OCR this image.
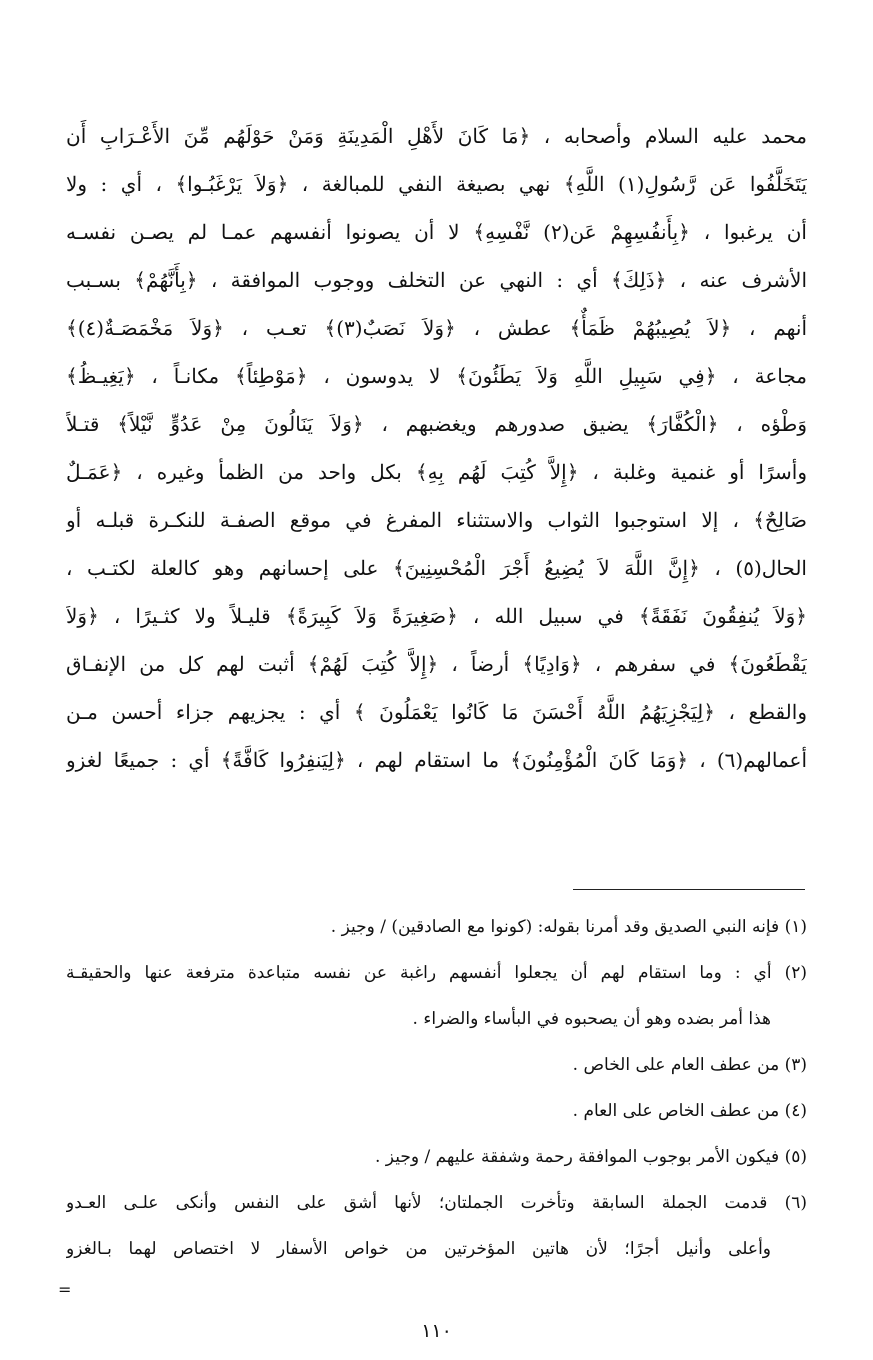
محمد عليه السلام وأصحابه ، ﴿مَا كَانَ لأَهْلِ الْمَدِينَةِ وَمَنْ حَوْلَهُم مِّنَ الأَعْـرَابِ أَن
يَتَخَلَّفُوا عَن رَّسُولِ(١) اللَّهِ﴾ نهي بصيغة النفي للمبالغة ، ﴿وَلاَ يَرْغَبُـوا﴾ ، أي : ولا
أن يرغبوا ، ﴿بِأَنفُسِهِمْ عَن(٢) نَّفْسِهِ﴾ لا أن يصونوا أنفسهم عمـا لم يصـن نفسـه
الأشرف عنه ، ﴿ذَلِكَ﴾ أي : النهي عن التخلف ووجوب الموافقة ، ﴿بِأَنَّهُمْ﴾ بسـبب
أنهم ، ﴿لاَ يُصِيبُهُمْ ظَمَأٌ﴾ عطش ، ﴿وَلاَ نَصَبٌ(٣)﴾ تعـب ، ﴿وَلاَ مَخْمَصَـةٌ(٤)﴾
مجاعة ، ﴿فِي سَبِيلِ اللَّهِ وَلاَ يَطَئُونَ﴾ لا يدوسون ، ﴿مَوْطِئاً﴾ مكانـاً ، ﴿يَغِيـظُ﴾
وَطْؤه ، ﴿الْكُفَّارَ﴾ يضيق صدورهم ويغضبهم ، ﴿وَلاَ يَنَالُونَ مِنْ عَدُوٍّ نَّيْلاً﴾ قتـلاً
وأسرًا أو غنمية وغلبة ، ﴿إِلاَّ كُتِبَ لَهُم بِهِ﴾ بكل واحد من الظمأ وغيره ، ﴿عَمَـلٌ
صَالِحٌ﴾ ، إلا استوجبوا الثواب والاستثناء المفرغ في موقع الصفـة للنكـرة قبلـه أو
الحال(٥) ، ﴿إِنَّ اللَّهَ لاَ يُضِيعُ أَجْرَ الْمُحْسِنِينَ﴾ على إحسانهم وهو كالعلة لكتـب ،
﴿وَلاَ يُنفِقُونَ نَفَقَةً﴾ في سبيل الله ، ﴿صَغِيرَةً وَلاَ كَبِيرَةً﴾ قليـلاً ولا كثـيرًا ، ﴿وَلاَ
يَقْطَعُونَ﴾ في سفرهم ، ﴿وَادِيًا﴾ أرضاً ، ﴿إِلاَّ كُتِبَ لَهُمْ﴾ أثبت لهم كل من الإنفـاق
والقطع ، ﴿لِيَجْزِيَهُمُ اللَّهُ أَحْسَنَ مَا كَانُوا يَعْمَلُونَ ﴾ أي : يجزيهم جزاء أحسن مـن
أعمالهم(٦) ، ﴿وَمَا كَانَ الْمُؤْمِنُونَ﴾ ما استقام لهم ، ﴿لِيَنفِرُوا كَافَّةً﴾ أي : جميعًا لغزو
(١) فإنه النبي الصديق وقد أمرنا بقوله: (كونوا مع الصادقين) / وجيز .
(٢) أي : وما استقام لهم أن يجعلوا أنفسهم راغبة عن نفسه متباعدة مترفعة عنها والحقيقـة
هذا أمر بضده وهو أن يصحبوه في البأساء والضراء .
(٣) من عطف العام على الخاص .
(٤) من عطف الخاص على العام .
(٥) فيكون الأمر بوجوب الموافقة رحمة وشفقة عليهم / وجيز .
(٦) قدمت الجملة السابقة وتأخرت الجملتان؛ لأنها أشق على النفس وأنكى علـى العـدو
وأعلى وأنيل أجرًا؛ لأن هاتين المؤخرتين من خواص الأسفار لا اختصاص لهما بـالغزو
=
١١٠
